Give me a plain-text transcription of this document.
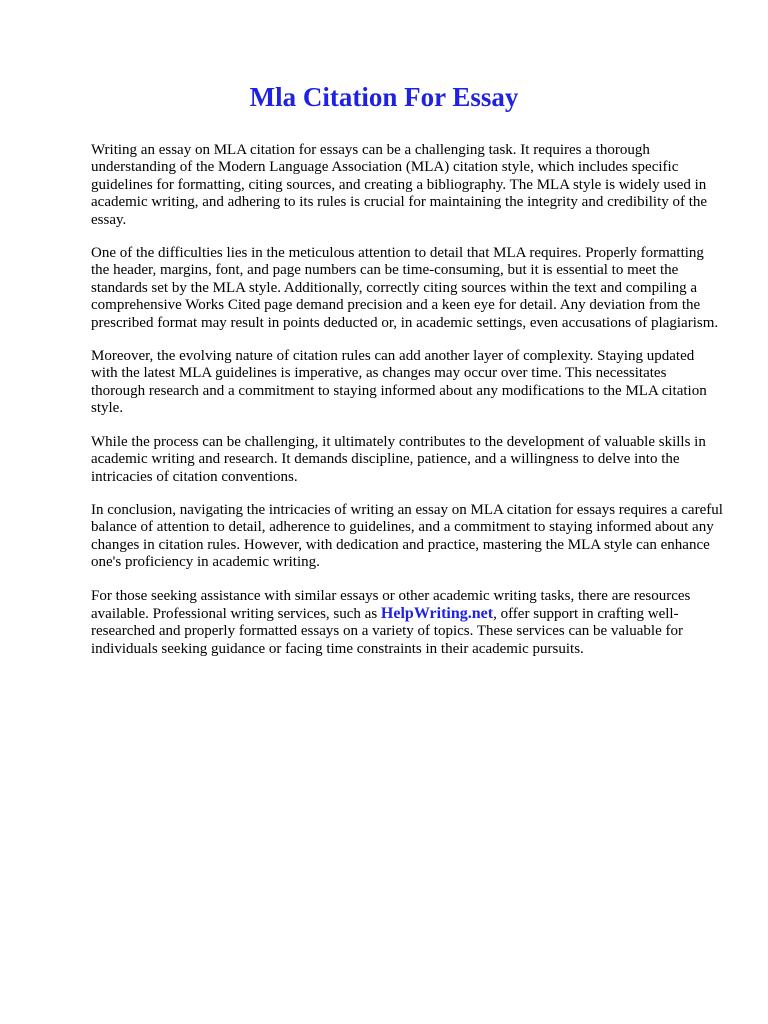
Mla Citation For Essay

Writing an essay on MLA citation for essays can be a challenging task. It requires a thorough understanding of the Modern Language Association (MLA) citation style, which includes specific guidelines for formatting, citing sources, and creating a bibliography. The MLA style is widely used in academic writing, and adhering to its rules is crucial for maintaining the integrity and credibility of the essay.

One of the difficulties lies in the meticulous attention to detail that MLA requires. Properly formatting the header, margins, font, and page numbers can be time-consuming, but it is essential to meet the standards set by the MLA style. Additionally, correctly citing sources within the text and compiling a comprehensive Works Cited page demand precision and a keen eye for detail. Any deviation from the prescribed format may result in points deducted or, in academic settings, even accusations of plagiarism.

Moreover, the evolving nature of citation rules can add another layer of complexity. Staying updated with the latest MLA guidelines is imperative, as changes may occur over time. This necessitates thorough research and a commitment to staying informed about any modifications to the MLA citation style.

While the process can be challenging, it ultimately contributes to the development of valuable skills in academic writing and research. It demands discipline, patience, and a willingness to delve into the intricacies of citation conventions.

In conclusion, navigating the intricacies of writing an essay on MLA citation for essays requires a careful balance of attention to detail, adherence to guidelines, and a commitment to staying informed about any changes in citation rules. However, with dedication and practice, mastering the MLA style can enhance one's proficiency in academic writing.

For those seeking assistance with similar essays or other academic writing tasks, there are resources available. Professional writing services, such as HelpWriting.net, offer support in crafting well-researched and properly formatted essays on a variety of topics. These services can be valuable for individuals seeking guidance or facing time constraints in their academic pursuits.
